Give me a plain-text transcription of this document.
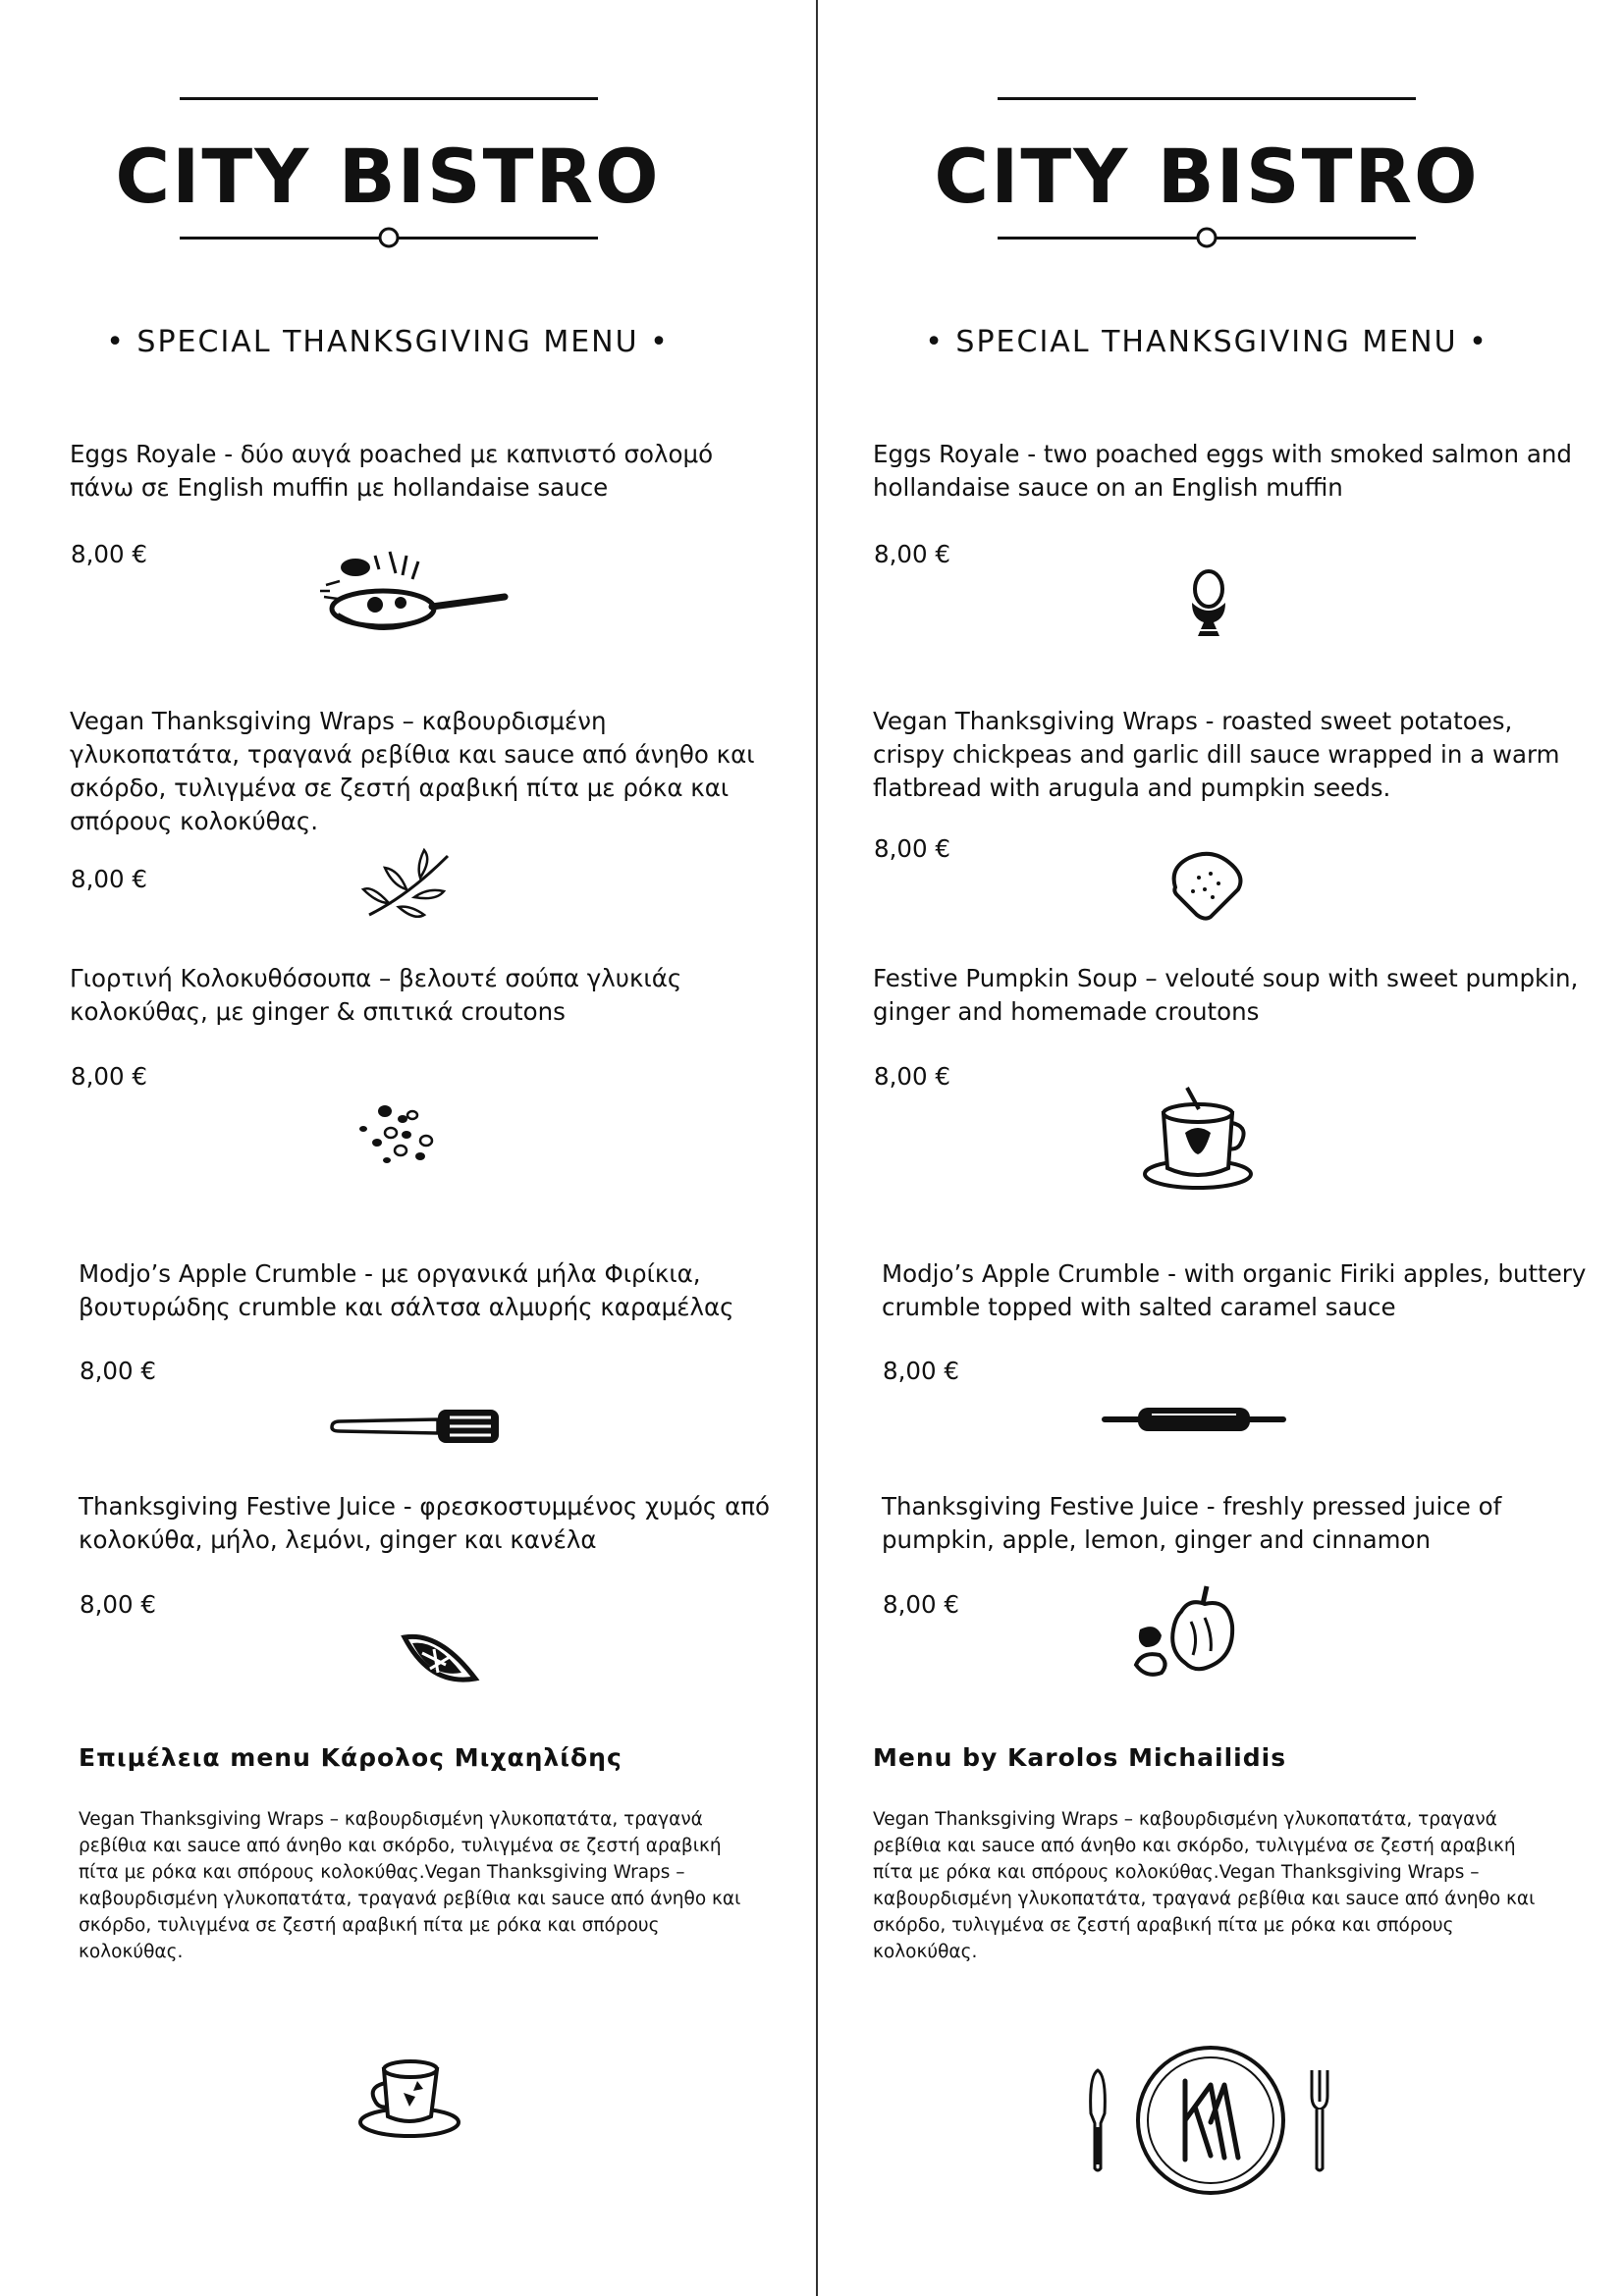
CITY BISTRO
• SPECIAL THANKSGIVING MENU •
Eggs Royale - δύο αυγά poached με καπνιστό σολομό πάνω σε English muffin με hollandaise sauce
8,00 €
Vegan Thanksgiving Wraps – καβουρδισμένη γλυκοπατάτα, τραγανά ρεβίθια και sauce από άνηθο και σκόρδο, τυλιγμένα σε ζεστή αραβική πίτα με ρόκα και σπόρους κολοκύθας.
8,00 €
Γιορτινή Κολοκυθόσουπα – βελουτέ σούπα γλυκιάς κολοκύθας, με ginger & σπιτικά croutons
8,00 €
Modjo’s Apple Crumble - με οργανικά μήλα Φιρίκια, βουτυρώδης crumble και σάλτσα αλμυρής καραμέλας
8,00 €
Thanksgiving Festive Juice - φρεσκοστυμμένος χυμός από κολοκύθα, μήλο, λεμόνι, ginger και κανέλα
8,00 €
Επιμέλεια menu Κάρολος Μιχαηλίδης
Vegan Thanksgiving Wraps – καβουρδισμένη γλυκοπατάτα, τραγανά ρεβίθια και sauce από άνηθο και σκόρδο, τυλιγμένα σε ζεστή αραβική πίτα με ρόκα και σπόρους κολοκύθας.Vegan Thanksgiving Wraps – καβουρδισμένη γλυκοπατάτα, τραγανά ρεβίθια και sauce από άνηθο και σκόρδο, τυλιγμένα σε ζεστή αραβική πίτα με ρόκα και σπόρους κολοκύθας.
CITY BISTRO
• SPECIAL THANKSGIVING MENU •
Eggs Royale - two poached eggs with smoked salmon and hollandaise sauce on an English muffin
8,00 €
Vegan Thanksgiving Wraps - roasted sweet potatoes, crispy chickpeas and garlic dill sauce wrapped in a warm flatbread with arugula and pumpkin seeds.
8,00 €
Festive Pumpkin Soup – velouté soup with sweet pumpkin, ginger and homemade croutons
8,00 €
Modjo’s Apple Crumble - with organic Firiki apples, buttery crumble topped with salted caramel sauce
8,00 €
Thanksgiving Festive Juice - freshly pressed juice of pumpkin, apple, lemon, ginger and cinnamon
8,00 €
Menu by Karolos Michailidis
Vegan Thanksgiving Wraps – καβουρδισμένη γλυκοπατάτα, τραγανά ρεβίθια και sauce από άνηθο και σκόρδο, τυλιγμένα σε ζεστή αραβική πίτα με ρόκα και σπόρους κολοκύθας.Vegan Thanksgiving Wraps – καβουρδισμένη γλυκοπατάτα, τραγανά ρεβίθια και sauce από άνηθο και σκόρδο, τυλιγμένα σε ζεστή αραβική πίτα με ρόκα και σπόρους κολοκύθας.
